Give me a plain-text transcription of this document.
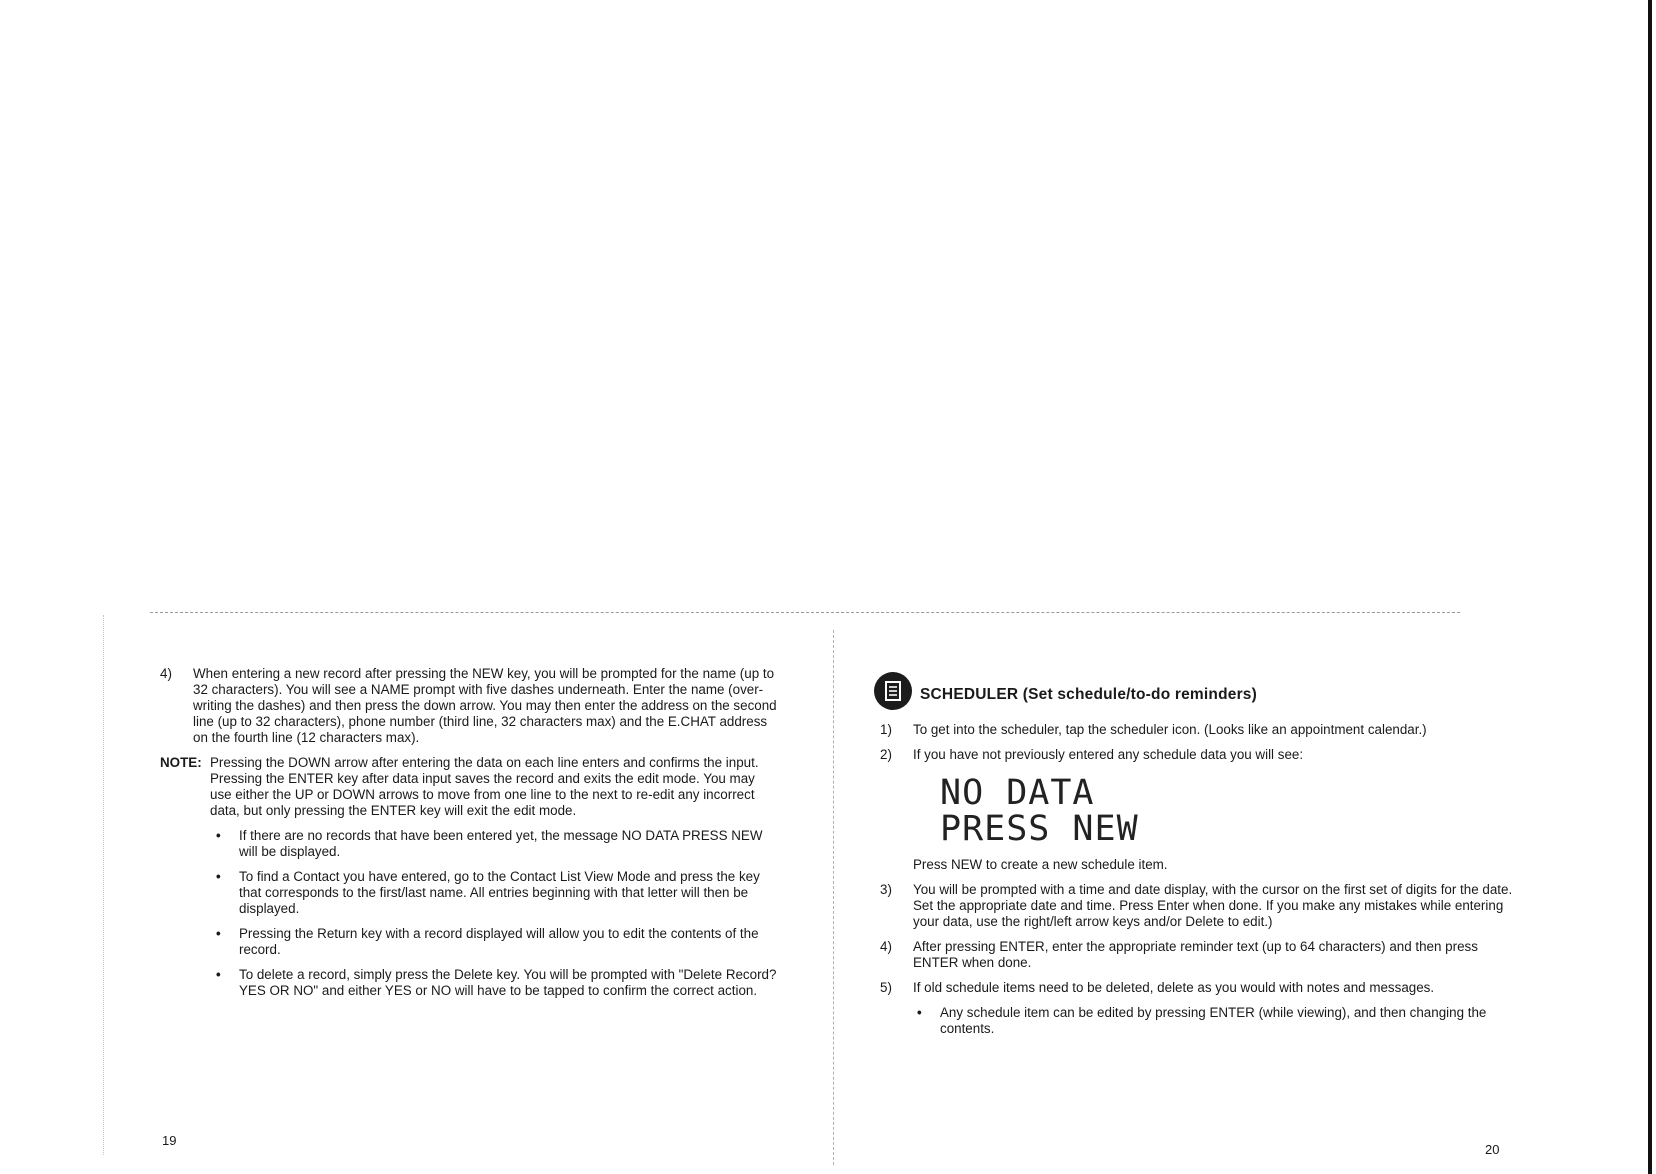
4)	When entering a new record after pressing the NEW key, you will be prompted for the name (up to 32 characters). You will see a NAME prompt with five dashes underneath. Enter the name (over-writing the dashes) and then press the down arrow. You may then enter the address on the second line (up to 32 characters), phone number (third line, 32 characters max) and the E.CHAT address on the fourth line (12 characters max).
NOTE: Pressing the DOWN arrow after entering the data on each line enters and confirms the input. Pressing the ENTER key after data input saves the record and exits the edit mode. You may use either the UP or DOWN arrows to move from one line to the next to re-edit any incorrect data, but only pressing the ENTER key will exit the edit mode.
•	If there are no records that have been entered yet, the message NO DATA PRESS NEW will be displayed.
•	To find a Contact you have entered, go to the Contact List View Mode and press the key that corresponds to the first/last name. All entries beginning with that letter will then be displayed.
•	Pressing the Return key with a record displayed will allow you to edit the contents of the record.
•	To delete a record, simply press the Delete key. You will be prompted with "Delete Record? YES OR NO" and either YES or NO will have to be tapped to confirm the correct action.
19
SCHEDULER (Set schedule/to-do reminders)
1)	To get into the scheduler, tap the scheduler icon. (Looks like an appointment calendar.)
2)	If you have not previously entered any schedule data you will see:
NO DATA
PRESS NEW
Press NEW to create a new schedule item.
3)	You will be prompted with a time and date display, with the cursor on the first set of digits for the date. Set the appropriate date and time. Press Enter when done. If you make any mistakes while entering your data, use the right/left arrow keys and/or Delete to edit.)
4)	After pressing ENTER, enter the appropriate reminder text (up to 64 characters) and then press ENTER when done.
5)	If old schedule items need to be deleted, delete as you would with notes and messages.
•	Any schedule item can be edited by pressing ENTER (while viewing), and then changing the contents.
20
